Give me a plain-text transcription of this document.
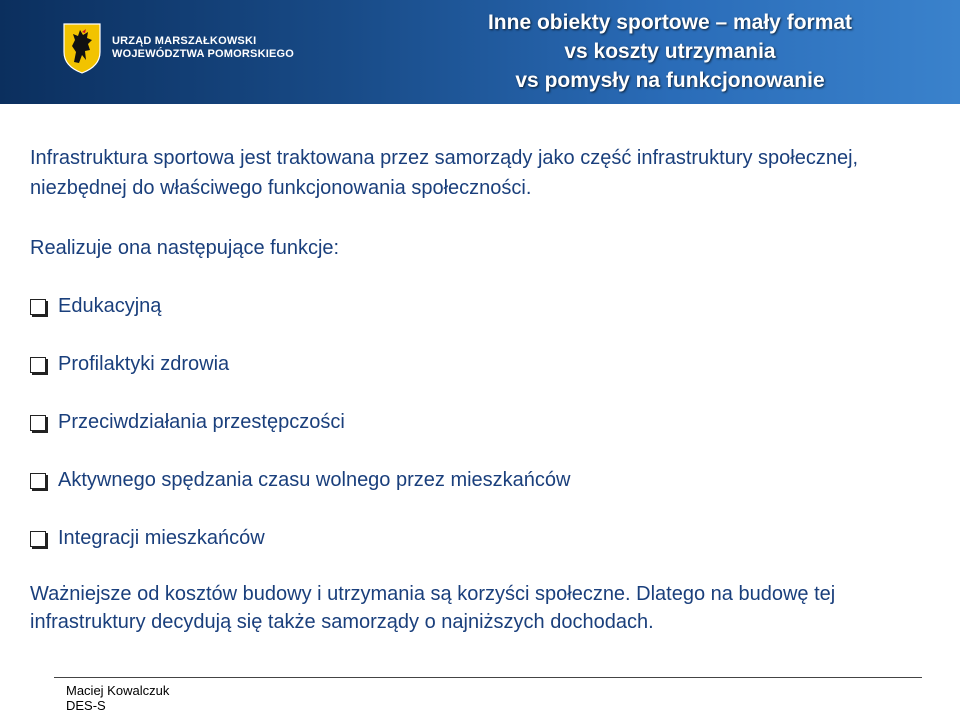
URZĄD MARSZAŁKOWSKI
WOJEWÓDZTWA POMORSKIEGO
Inne obiekty sportowe – mały format
vs koszty utrzymania
vs pomysły na funkcjonowanie

Infrastruktura sportowa jest traktowana przez samorządy jako część infrastruktury społecznej, niezbędnej do właściwego funkcjonowania społeczności.

Realizuje ona następujące funkcje:
Edukacyjną
Profilaktyki zdrowia
Przeciwdziałania przestępczości
Aktywnego spędzania czasu wolnego przez mieszkańców
Integracji mieszkańców
Ważniejsze od kosztów budowy i utrzymania są korzyści społeczne. Dlatego na budowę tej infrastruktury decydują się także samorządy o najniższych dochodach.
Maciej Kowalczuk
DES-S
